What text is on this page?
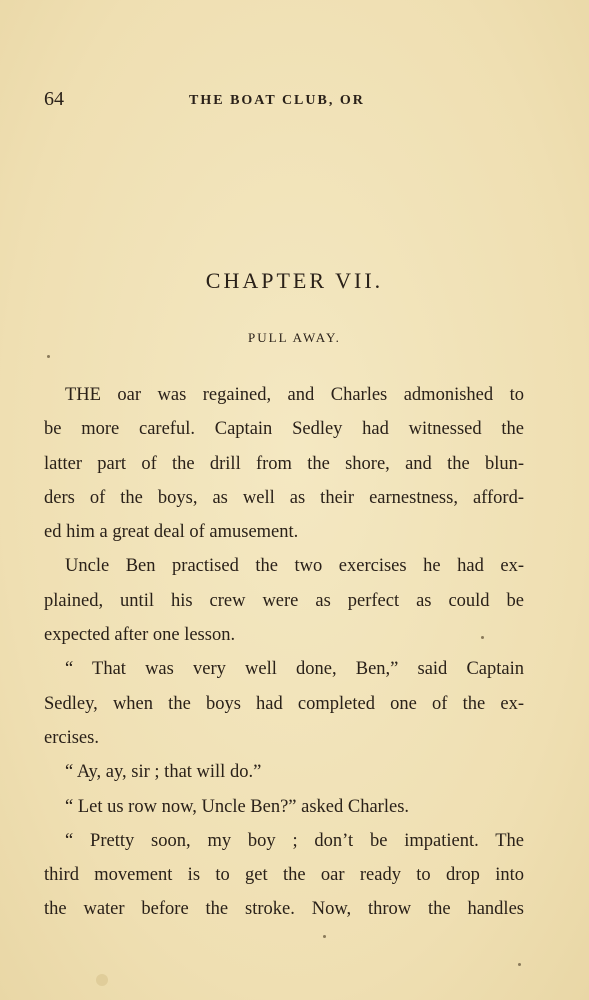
64	THE BOAT CLUB, OR
CHAPTER VII.
PULL AWAY.

THE oar was regained, and Charles admonished to

be more careful. Captain Sedley had witnessed the

latter part of the drill from the shore, and the blun-

ders of the boys, as well as their earnestness, afford-

ed him a great deal of amusement.

Uncle Ben practised the two exercises he had ex-

plained, until his crew were as perfect as could be

expected after one lesson.

“ That was very well done, Ben,” said Captain

Sedley, when the boys had completed one of the ex-

ercises.

“ Ay, ay, sir ; that will do.”

“ Let us row now, Uncle Ben?” asked Charles.

“ Pretty soon, my boy ; don’t be impatient. The

third movement is to get the oar ready to drop into

the water before the stroke. Now, throw the handles
